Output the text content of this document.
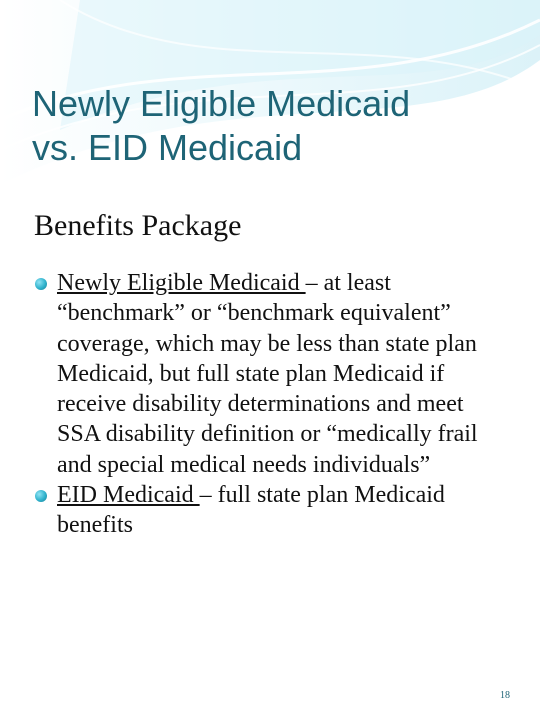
Newly Eligible Medicaid
vs. EID Medicaid
Benefits Package
Newly Eligible Medicaid – at least “benchmark” or “benchmark equivalent” coverage, which may be less than state plan Medicaid, but full state plan Medicaid if receive disability determinations and meet SSA disability definition or “medically frail and special medical needs individuals”
EID Medicaid – full state plan Medicaid benefits
18
